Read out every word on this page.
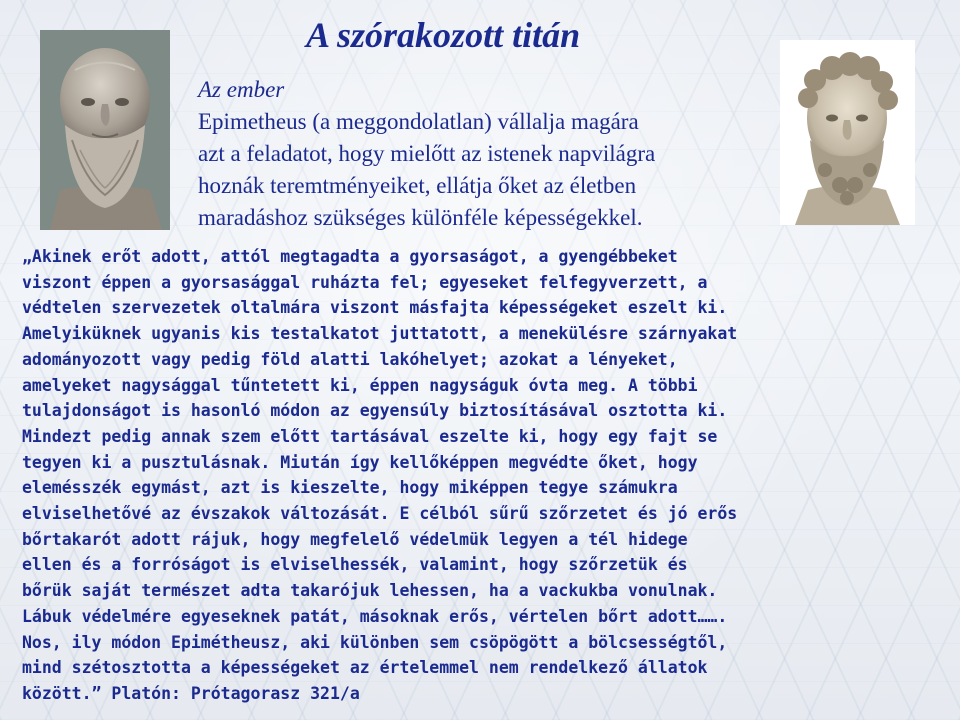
A szórakozott titán
Az ember
Epimetheus (a meggondolatlan) vállalja magára
azt a feladatot, hogy mielőtt az istenek napvilágra
hoznák teremtményeiket, ellátja őket az életben
maradáshoz szükséges különféle képességekkel.
„Akinek erőt adott, attól megtagadta a gyorsaságot, a gyengébbeket
viszont éppen a gyorsasággal ruházta fel; egyeseket felfegyverzett, a
védtelen szervezetek oltalmára viszont másfajta képességeket eszelt ki.
Amelyiküknek ugyanis kis testalkatot juttatott, a menekülésre szárnyakat
adományozott vagy pedig föld alatti lakóhelyet; azokat a lényeket,
amelyeket nagysággal tűntetett ki, éppen nagyságuk óvta meg. A többi
tulajdonságot is hasonló módon az egyensúly biztosításával osztotta ki.
Mindezt pedig annak szem előtt tartásával eszelte ki, hogy egy fajt se
tegyen ki a pusztulásnak. Miután így kellőképpen megvédte őket, hogy
elemésszék egymást, azt is kieszelte, hogy miképpen tegye számukra
elviselhetővé az évszakok változását. E célból sűrű szőrzetet és jó erős
bőrtakarót adott rájuk, hogy megfelelő védelmük legyen a tél hidege
ellen és a forróságot is elviselhessék, valamint, hogy szőrzetük és
bőrük saját természet adta takarójuk lehessen, ha a vackukba vonulnak.
Lábuk védelmére egyeseknek patát, másoknak erős, vértelen bőrt adott…….
Nos, ily módon Epimétheusz, aki különben sem csöpögött a bölcsességtől,
mind szétosztotta a képességeket az értelemmel nem rendelkező állatok
között.” Platón: Prótagorasz 321/a
